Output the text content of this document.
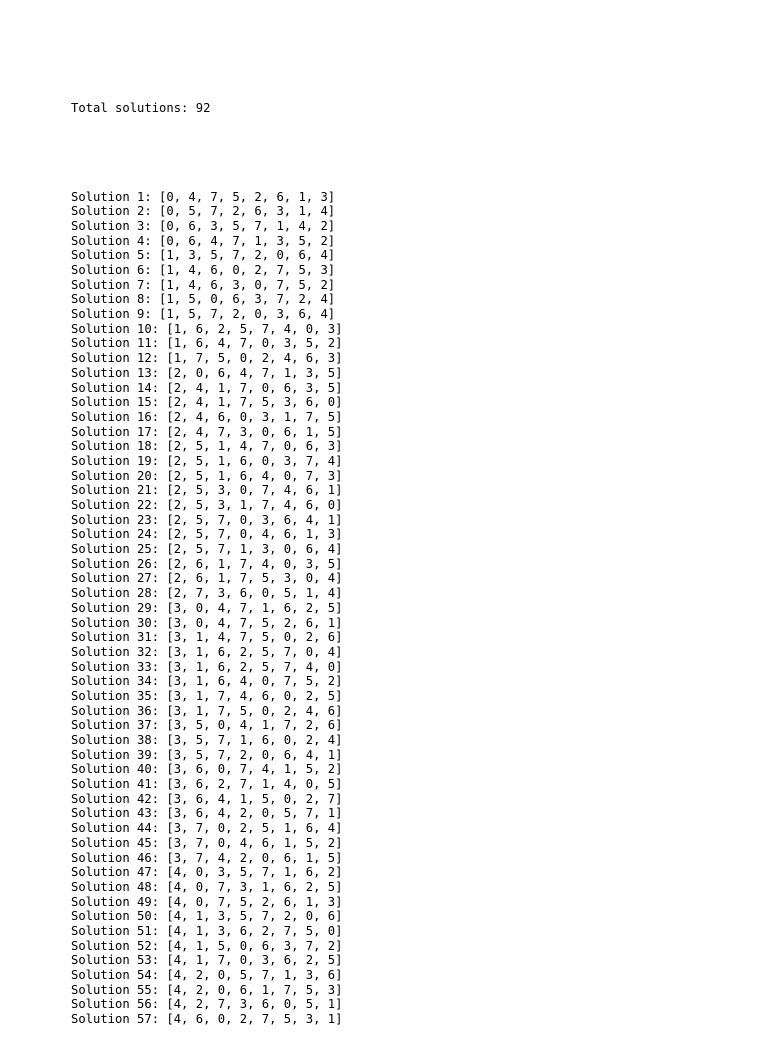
Total solutions: 92

Solution 1: [0, 4, 7, 5, 2, 6, 1, 3]
Solution 2: [0, 5, 7, 2, 6, 3, 1, 4]
Solution 3: [0, 6, 3, 5, 7, 1, 4, 2]
Solution 4: [0, 6, 4, 7, 1, 3, 5, 2]
Solution 5: [1, 3, 5, 7, 2, 0, 6, 4]
Solution 6: [1, 4, 6, 0, 2, 7, 5, 3]
Solution 7: [1, 4, 6, 3, 0, 7, 5, 2]
Solution 8: [1, 5, 0, 6, 3, 7, 2, 4]
Solution 9: [1, 5, 7, 2, 0, 3, 6, 4]
Solution 10: [1, 6, 2, 5, 7, 4, 0, 3]
Solution 11: [1, 6, 4, 7, 0, 3, 5, 2]
Solution 12: [1, 7, 5, 0, 2, 4, 6, 3]
Solution 13: [2, 0, 6, 4, 7, 1, 3, 5]
Solution 14: [2, 4, 1, 7, 0, 6, 3, 5]
Solution 15: [2, 4, 1, 7, 5, 3, 6, 0]
Solution 16: [2, 4, 6, 0, 3, 1, 7, 5]
Solution 17: [2, 4, 7, 3, 0, 6, 1, 5]
Solution 18: [2, 5, 1, 4, 7, 0, 6, 3]
Solution 19: [2, 5, 1, 6, 0, 3, 7, 4]
Solution 20: [2, 5, 1, 6, 4, 0, 7, 3]
Solution 21: [2, 5, 3, 0, 7, 4, 6, 1]
Solution 22: [2, 5, 3, 1, 7, 4, 6, 0]
Solution 23: [2, 5, 7, 0, 3, 6, 4, 1]
Solution 24: [2, 5, 7, 0, 4, 6, 1, 3]
Solution 25: [2, 5, 7, 1, 3, 0, 6, 4]
Solution 26: [2, 6, 1, 7, 4, 0, 3, 5]
Solution 27: [2, 6, 1, 7, 5, 3, 0, 4]
Solution 28: [2, 7, 3, 6, 0, 5, 1, 4]
Solution 29: [3, 0, 4, 7, 1, 6, 2, 5]
Solution 30: [3, 0, 4, 7, 5, 2, 6, 1]
Solution 31: [3, 1, 4, 7, 5, 0, 2, 6]
Solution 32: [3, 1, 6, 2, 5, 7, 0, 4]
Solution 33: [3, 1, 6, 2, 5, 7, 4, 0]
Solution 34: [3, 1, 6, 4, 0, 7, 5, 2]
Solution 35: [3, 1, 7, 4, 6, 0, 2, 5]
Solution 36: [3, 1, 7, 5, 0, 2, 4, 6]
Solution 37: [3, 5, 0, 4, 1, 7, 2, 6]
Solution 38: [3, 5, 7, 1, 6, 0, 2, 4]
Solution 39: [3, 5, 7, 2, 0, 6, 4, 1]
Solution 40: [3, 6, 0, 7, 4, 1, 5, 2]
Solution 41: [3, 6, 2, 7, 1, 4, 0, 5]
Solution 42: [3, 6, 4, 1, 5, 0, 2, 7]
Solution 43: [3, 6, 4, 2, 0, 5, 7, 1]
Solution 44: [3, 7, 0, 2, 5, 1, 6, 4]
Solution 45: [3, 7, 0, 4, 6, 1, 5, 2]
Solution 46: [3, 7, 4, 2, 0, 6, 1, 5]
Solution 47: [4, 0, 3, 5, 7, 1, 6, 2]
Solution 48: [4, 0, 7, 3, 1, 6, 2, 5]
Solution 49: [4, 0, 7, 5, 2, 6, 1, 3]
Solution 50: [4, 1, 3, 5, 7, 2, 0, 6]
Solution 51: [4, 1, 3, 6, 2, 7, 5, 0]
Solution 52: [4, 1, 5, 0, 6, 3, 7, 2]
Solution 53: [4, 1, 7, 0, 3, 6, 2, 5]
Solution 54: [4, 2, 0, 5, 7, 1, 3, 6]
Solution 55: [4, 2, 0, 6, 1, 7, 5, 3]
Solution 56: [4, 2, 7, 3, 6, 0, 5, 1]
Solution 57: [4, 6, 0, 2, 7, 5, 3, 1]
